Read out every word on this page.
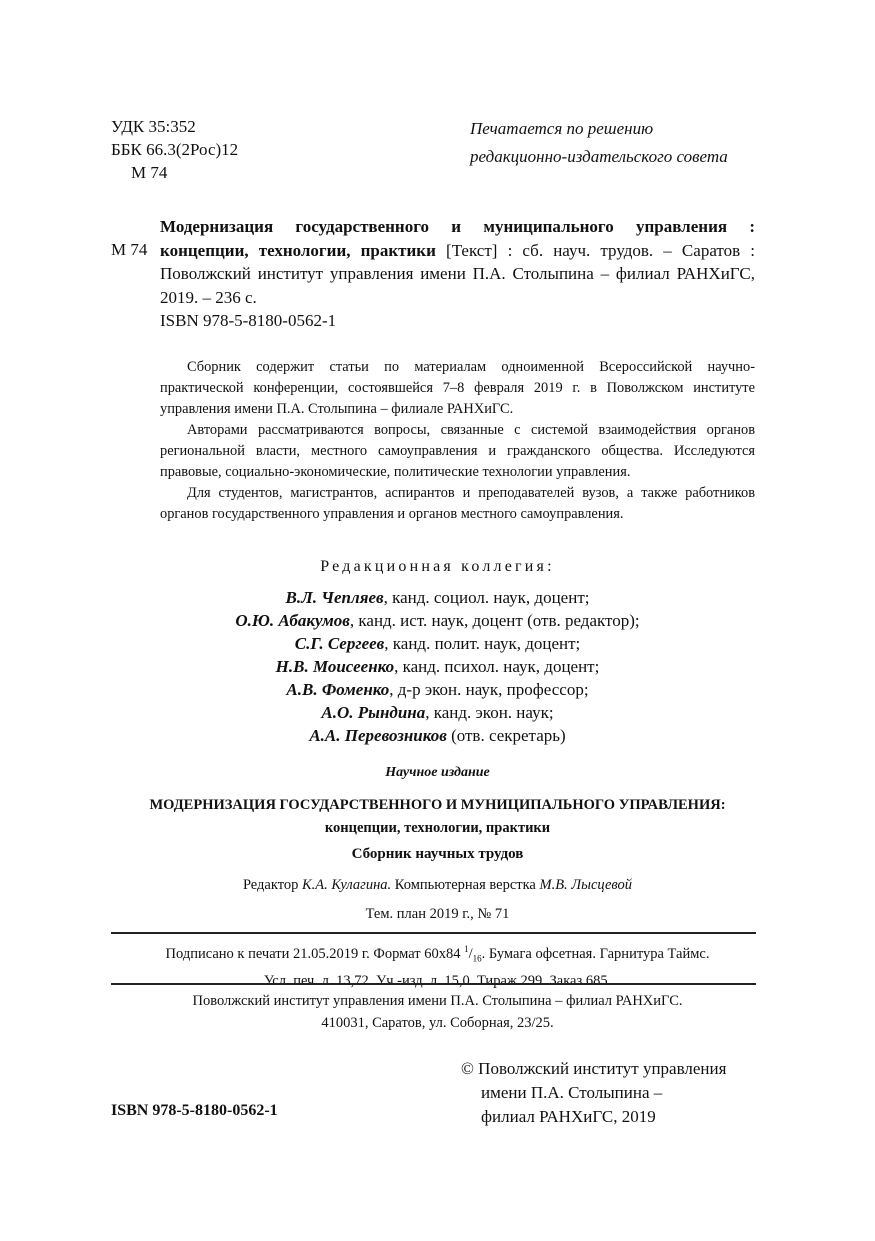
УДК 35:352
ББК 66.3(2Рос)12
М 74
Печатается по решению
редакционно-издательского совета
М 74
Модернизация государственного и муниципального управления : концепции, технологии, практики [Текст] : сб. науч. трудов. – Саратов : Поволжский институт управления имени П.А. Столыпина – филиал РАНХиГС, 2019. – 236 с.
ISBN 978-5-8180-0562-1

Сборник содержит статьи по материалам одноименной Всероссийской научно-практической конференции, состоявшейся 7–8 февраля 2019 г. в Поволжском институте управления имени П.А. Столыпина – филиале РАНХиГС.

Авторами рассматриваются вопросы, связанные с системой взаимодействия органов региональной власти, местного самоуправления и гражданского общества. Исследуются правовые, социально-экономические, политические технологии управления.

Для студентов, магистрантов, аспирантов и преподавателей вузов, а также работников органов государственного управления и органов местного самоуправления.

Редакционная коллегия:
В.Л. Чепляев, канд. социол. наук, доцент;
О.Ю. Абакумов, канд. ист. наук, доцент (отв. редактор);
С.Г. Сергеев, канд. полит. наук, доцент;
Н.В. Моисеенко, канд. психол. наук, доцент;
А.В. Фоменко, д-р экон. наук, профессор;
А.О. Рындина, канд. экон. наук;
А.А. Перевозников (отв. секретарь)
Научное издание
МОДЕРНИЗАЦИЯ ГОСУДАРСТВЕННОГО И МУНИЦИПАЛЬНОГО УПРАВЛЕНИЯ:
концепции, технологии, практики
Сборник научных трудов
Редактор К.А. Кулагина. Компьютерная верстка М.В. Лысцевой
Тем. план 2019 г., № 71
Подписано к печати 21.05.2019 г. Формат 60х84 $^1/_{16}$. Бумага офсетная. Гарнитура Таймс.
Усл. печ. л. 13,72. Уч.-изд. л. 15,0. Тираж 299. Заказ 685.
Поволжский институт управления имени П.А. Столыпина – филиал РАНХиГС.
410031, Саратов, ул. Соборная, 23/25.
ISBN 978-5-8180-0562-1
© Поволжский институт управления
имени П.А. Столыпина –
филиал РАНХиГС, 2019
